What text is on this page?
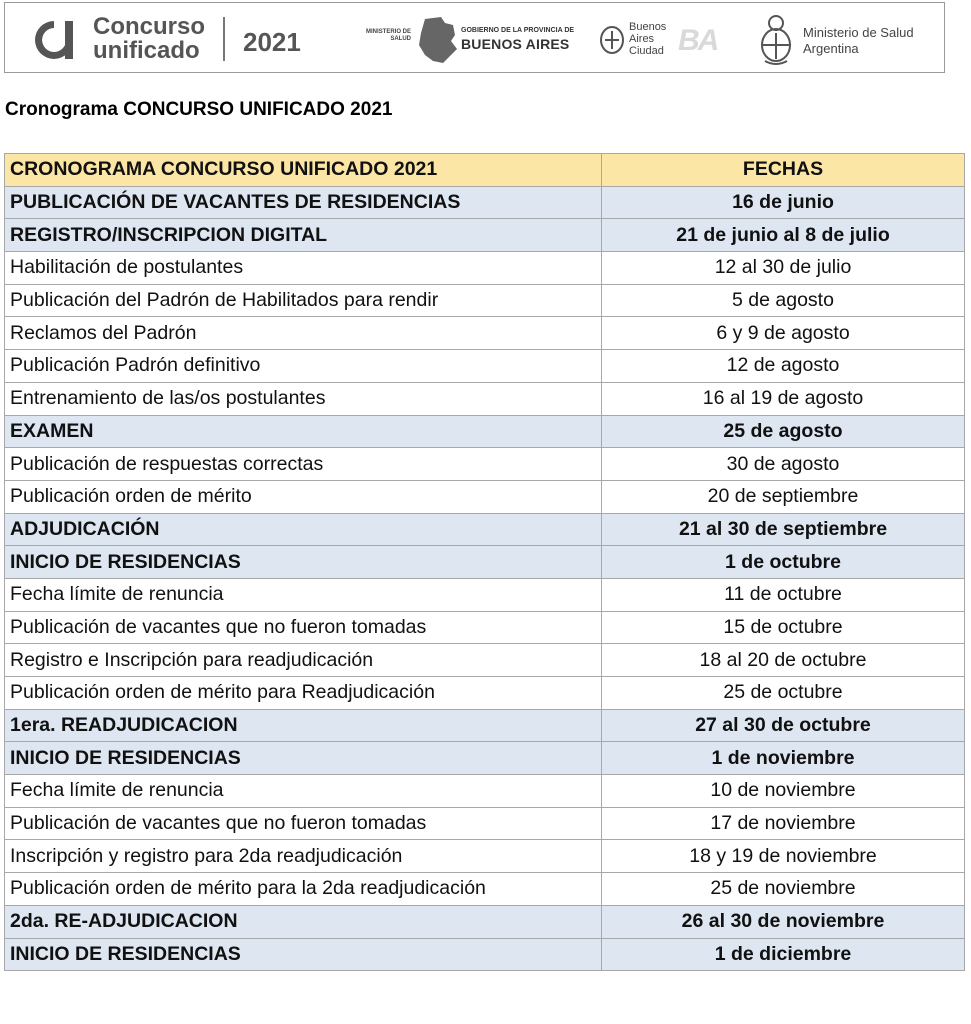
Concurso
unificado 2021	MINISTERIO DE
SALUD
GOBIERNO DE LA PROVINCIA DE
BUENOS AIRES
Buenos
Aires
Ciudad BA	Ministerio de Salud
Argentina
Cronograma CONCURSO UNIFICADO 2021
CRONOGRAMA CONCURSO UNIFICADO 2021	FECHAS
PUBLICACIÓN DE VACANTES DE RESIDENCIAS	16 de junio
REGISTRO/INSCRIPCION DIGITAL	21 de junio al 8 de julio
Habilitación de postulantes	12 al 30 de julio
Publicación del Padrón de Habilitados para rendir	5 de agosto
Reclamos del Padrón	6 y 9 de agosto
Publicación Padrón definitivo	12 de agosto
Entrenamiento de las/os postulantes	16 al 19 de agosto
EXAMEN	25 de agosto
Publicación de respuestas correctas	30 de agosto
Publicación orden de mérito	20 de septiembre
ADJUDICACIÓN	21 al 30 de septiembre
INICIO DE RESIDENCIAS	1 de octubre
Fecha límite de renuncia	11 de octubre
Publicación de vacantes que no fueron tomadas	15 de octubre
Registro e Inscripción para readjudicación	18 al 20 de octubre
Publicación orden de mérito para Readjudicación	25 de octubre
1era. READJUDICACION	27 al 30 de octubre
INICIO DE RESIDENCIAS	1 de noviembre
Fecha límite de renuncia	10 de noviembre
Publicación de vacantes que no fueron tomadas	17 de noviembre
Inscripción y registro para 2da readjudicación	18 y 19 de noviembre
Publicación orden de mérito para la 2da readjudicación	25 de noviembre
2da. RE-ADJUDICACION	26 al 30 de noviembre
INICIO DE RESIDENCIAS	1 de diciembre
